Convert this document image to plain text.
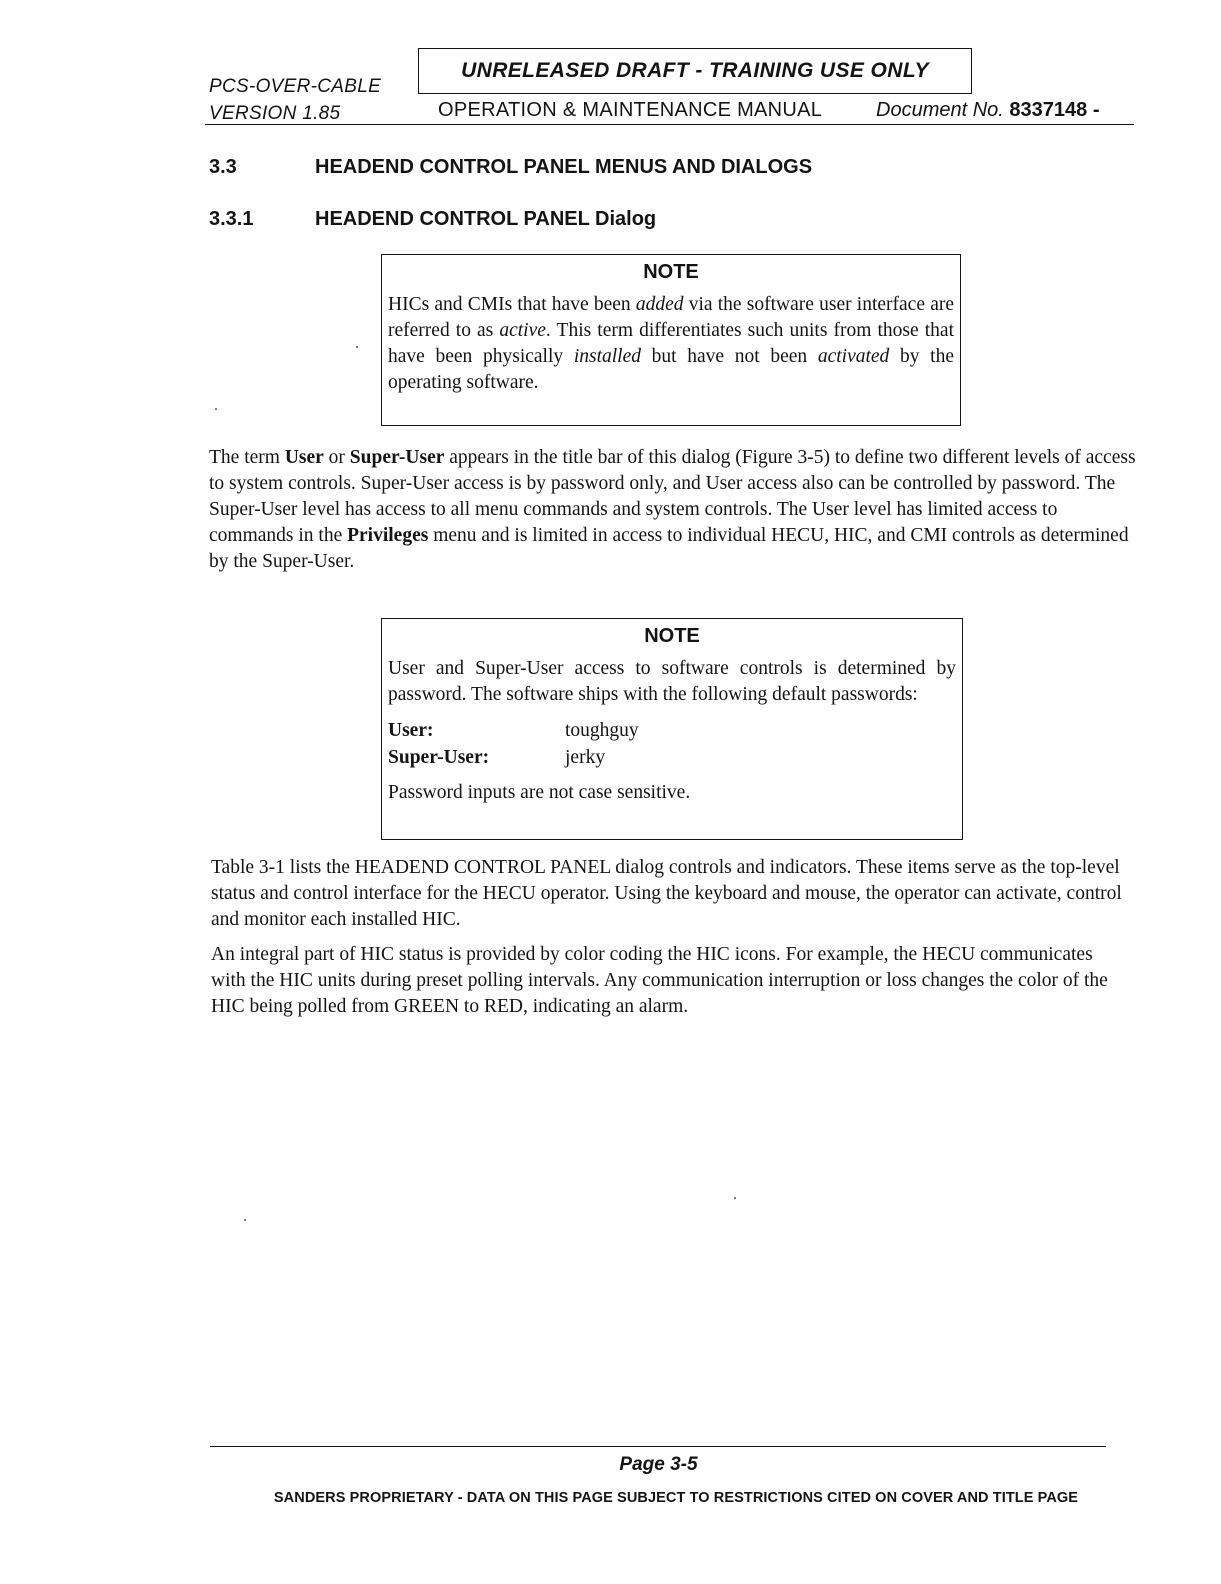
PCS-OVER-CABLE
VERSION 1.85
UNRELEASED DRAFT - TRAINING USE ONLY
OPERATION & MAINTENANCE MANUAL	Document No. 8337148 -
3.3	HEADEND CONTROL PANEL MENUS AND DIALOGS
3.3.1	HEADEND CONTROL PANEL Dialog
NOTE
HICs and CMIs that have been added via the software user interface are referred to as active. This term differentiates such units from those that have been physically installed but have not been activated by the operating software.
The term User or Super-User appears in the title bar of this dialog (Figure 3-5) to define two different levels of access to system controls. Super-User access is by password only, and User access also can be controlled by password. The Super-User level has access to all menu commands and system controls. The User level has limited access to commands in the Privileges menu and is limited in access to individual HECU, HIC, and CMI controls as determined by the Super-User.
NOTE
User and Super-User access to software controls is determined by password. The software ships with the following default passwords:
User:	toughguy
Super-User:	jerky
Password inputs are not case sensitive.
Table 3-1 lists the HEADEND CONTROL PANEL dialog controls and indicators. These items serve as the top-level status and control interface for the HECU operator. Using the keyboard and mouse, the operator can activate, control and monitor each installed HIC.
An integral part of HIC status is provided by color coding the HIC icons. For example, the HECU communicates with the HIC units during preset polling intervals. Any communication interruption or loss changes the color of the HIC being polled from GREEN to RED, indicating an alarm.
Page 3-5
SANDERS PROPRIETARY - DATA ON THIS PAGE SUBJECT TO RESTRICTIONS CITED ON COVER AND TITLE PAGE
